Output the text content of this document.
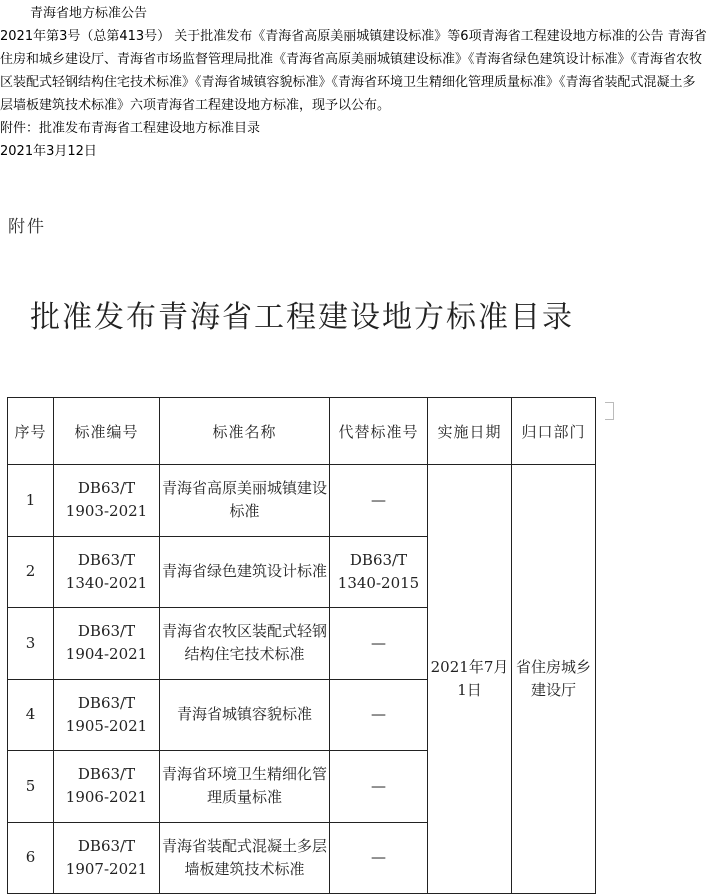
青海省地方标准公告
2021年第3号（总第413号） 关于批准发布《青海省高原美丽城镇建设标准》等6项青海省工程建设地方标准的公告 青海省住房和城乡建设厅、青海省市场监督管理局批准《青海省高原美丽城镇建设标准》《青海省绿色建筑设计标准》《青海省农牧区装配式轻钢结构住宅技术标准》《青海省城镇容貌标准》《青海省环境卫生精细化管理质量标准》《青海省装配式混凝土多层墙板建筑技术标准》六项青海省工程建设地方标准，现予以公布。
附件：批准发布青海省工程建设地方标准目录
2021年3月12日
附件
批准发布青海省工程建设地方标准目录
序号	标准编号	标准名称	代替标准号	实施日期	归口部门
1	DB63/T 1903-2021	青海省高原美丽城镇建设标准	—	2021年7月1日	省住房城乡建设厅
2	DB63/T 1340-2021	青海省绿色建筑设计标准	DB63/T 1340-2015		
3	DB63/T 1904-2021	青海省农牧区装配式轻钢结构住宅技术标准	—		
4	DB63/T 1905-2021	青海省城镇容貌标准	—		
5	DB63/T 1906-2021	青海省环境卫生精细化管理质量标准	—		
6	DB63/T 1907-2021	青海省装配式混凝土多层墙板建筑技术标准	—		
